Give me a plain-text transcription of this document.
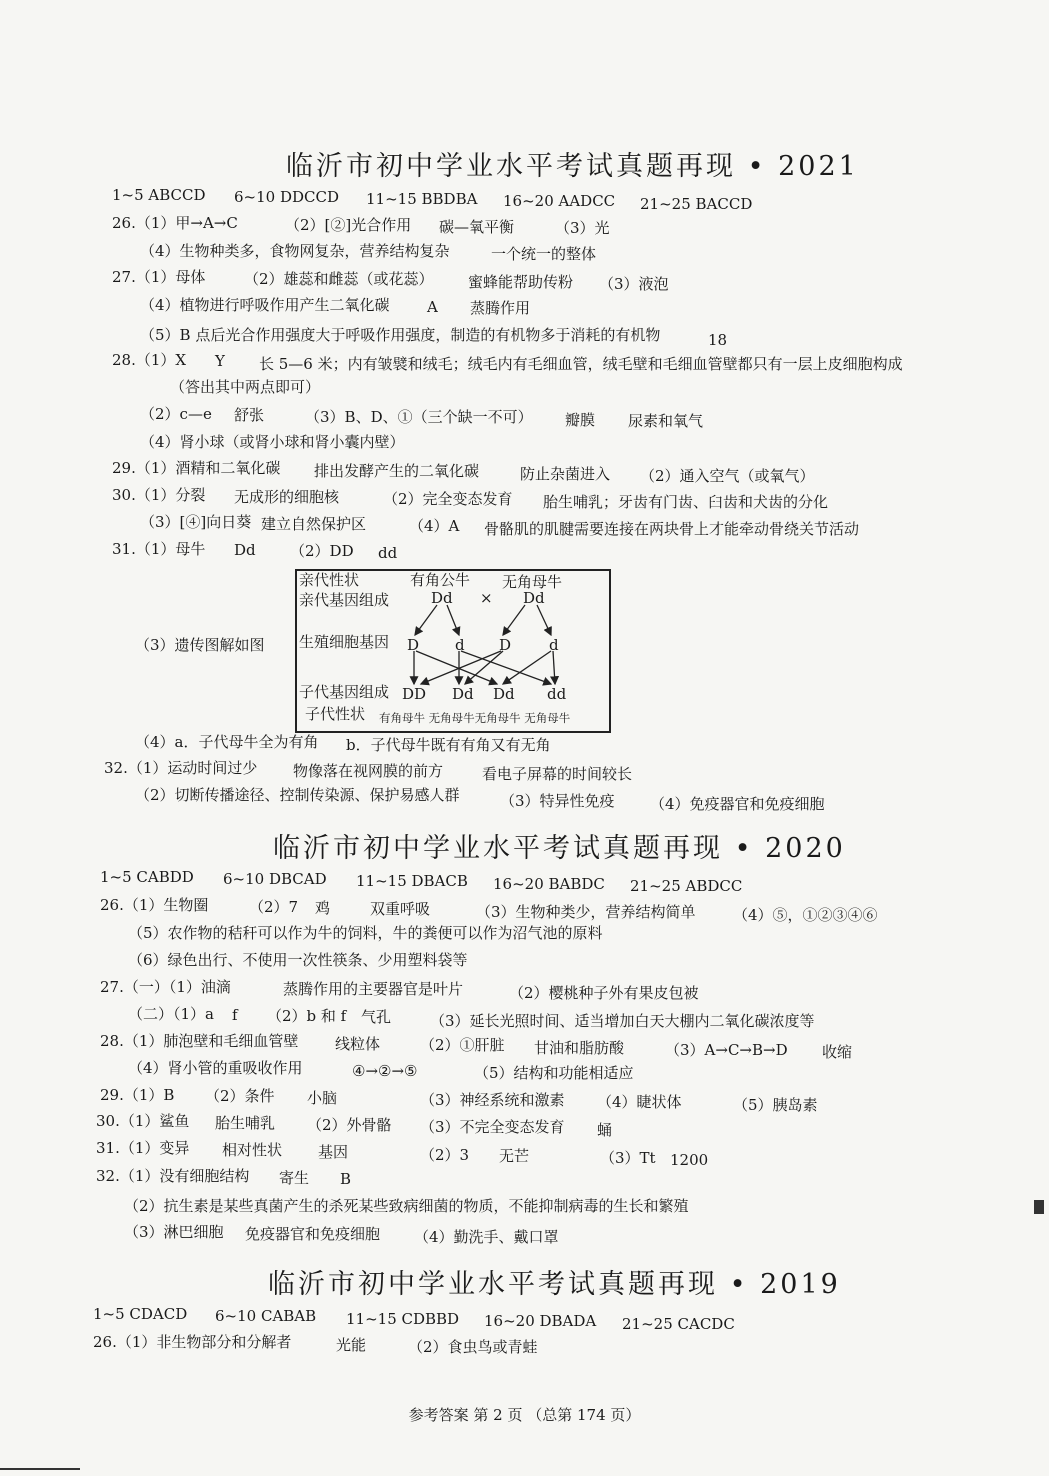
临沂市初中学业水平考试真题再现 • 2021
1~5 ABCCD 6~10 DDCCD 11~15 BBDBA 16~20 AADCC 21~25 BACCD
26.（1）甲→A→C	（2）[②]光合作用 碳—氧平衡	（3）光
（4）生物种类多，食物网复杂，营养结构复杂	一个统一的整体
27.（1）母体	（2）雄蕊和雌蕊（或花蕊） 蜜蜂能帮助传粉 （3）液泡
（4）植物进行呼吸作用产生二氧化碳 A 蒸腾作用
（5）B 点后光合作用强度大于呼吸作用强度，制造的有机物多于消耗的有机物	18
28.（1）X Y 长 5—6 米；内有皱襞和绒毛；绒毛内有毛细血管，绒毛壁和毛细血管壁都只有一层上皮细胞构成
（答出其中两点即可）
（2）c—e 舒张	（3）B、D、①（三个缺一不可） 瓣膜 尿素和氧气
（4）肾小球（或肾小球和肾小囊内壁）
29.（1）酒精和二氧化碳 排出发酵产生的二氧化碳	防止杂菌进入 （2）通入空气（或氧气）
30.（1）分裂 无成形的细胞核	（2）完全变态发育 胎生哺乳；牙齿有门齿、臼齿和犬齿的分化
（3）[④]向日葵 建立自然保护区	（4）A 骨骼肌的肌腱需要连接在两块骨上才能牵动骨绕关节活动
31.（1）母牛 Dd （2）DD dd
（3）遗传图解如图
亲代性状
亲代基因组成
生殖细胞基因
子代基因组成
子代性状
有角公牛 无角母牛
Dd × Dd
D d D	d
DD Dd Dd dd
有角母牛 无角母牛无角母牛 无角母牛
（4）a．子代母牛全为有角 b．子代母牛既有有角又有无角
32.（1）运动时间过少 物像落在视网膜的前方	看电子屏幕的时间较长
（2）切断传播途径、控制传染源、保护易感人群	（3）特异性免疫 （4）免疫器官和免疫细胞
临沂市初中学业水平考试真题再现 • 2020
1~5 CABDD 6~10 DBCAD 11~15 DBACB 16~20 BABDC 21~25 ABDCC
26.（1）生物圈	（2）7 鸡	双重呼吸	（3）生物种类少，营养结构简单 （4）⑤，①②③④⑥
（5）农作物的秸秆可以作为牛的饲料，牛的粪便可以作为沼气池的原料
（6）绿色出行、不使用一次性筷条、少用塑料袋等
27.（一）（1）油滴	蒸腾作用的主要器官是叶片	（2）樱桃种子外有果皮包被
（二）（1）a f （2）b 和 f 气孔	（3）延长光照时间、适当增加白天大棚内二氧化碳浓度等
28.（1）肺泡壁和毛细血管壁 线粒体	（2）①肝脏 甘油和脂肪酸	（3）A→C→B→D 收缩
（4）肾小管的重吸收作用	④→②→⑤	（5）结构和功能相适应
29.（1）B （2）条件 小脑	（3）神经系统和激素 （4）睫状体	（5）胰岛素
30.（1）鲨鱼 胎生哺乳 （2）外骨骼 （3）不完全变态发育 蛹
31.（1）变异 相对性状 基因	（2）3 无芒	（3）Tt 1200
32.（1）没有细胞结构 寄生 B
（2）抗生素是某些真菌产生的杀死某些致病细菌的物质，不能抑制病毒的生长和繁殖
（3）淋巴细胞 免疫器官和免疫细胞 （4）勤洗手、戴口罩
临沂市初中学业水平考试真题再现 • 2019
1~5 CDACD 6~10 CABAB 11~15 CDBBD 16~20 DBADA 21~25 CACDC
26.（1）非生物部分和分解者	光能	（2）食虫鸟或青蛙
参考答案 第 2 页 （总第 174 页）
